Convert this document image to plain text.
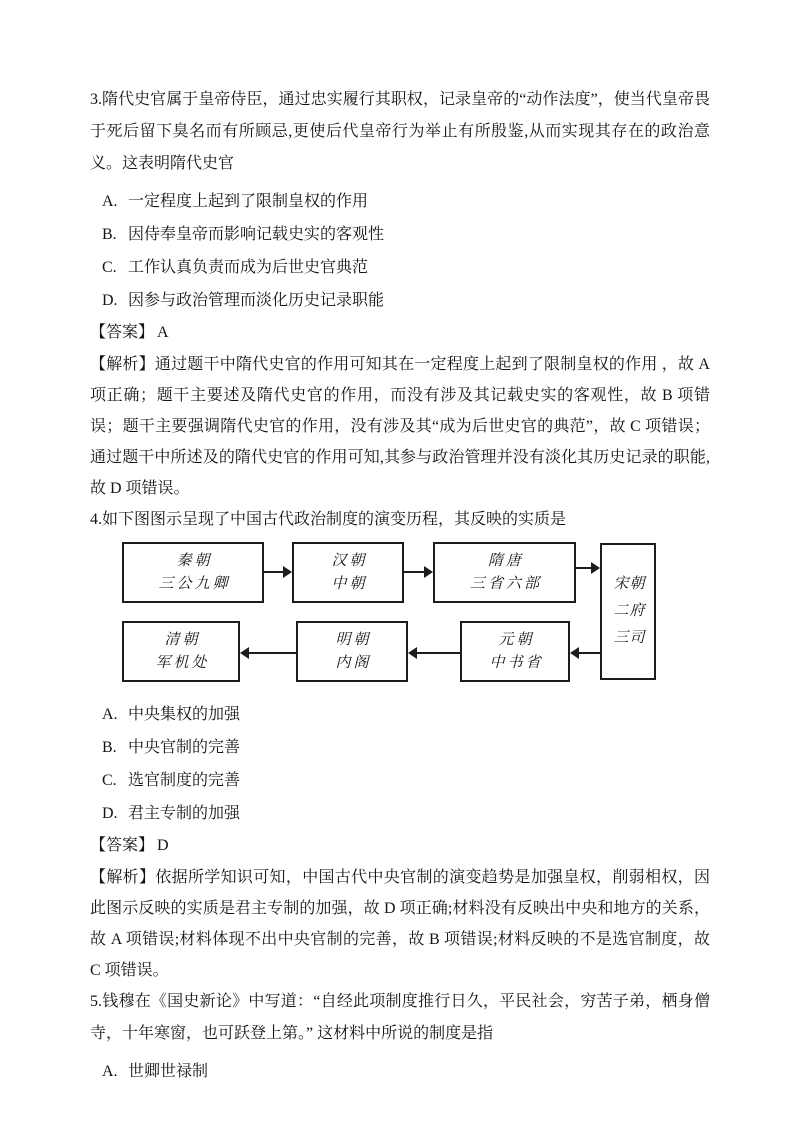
3.隋代史官属于皇帝侍臣，通过忠实履行其职权，记录皇帝的“动作法度”，使当代皇帝畏于死后留下臭名而有所顾忌,更使后代皇帝行为举止有所殷鉴,从而实现其存在的政治意义。这表明隋代史官

A. 一定程度上起到了限制皇权的作用
B. 因侍奉皇帝而影响记载史实的客观性
C. 工作认真负责而成为后世史官典范
D. 因参与政治管理而淡化历史记录职能

【答案】 A

【解析】通过题干中隋代史官的作用可知其在一定程度上起到了限制皇权的作用 ，故 A 项正确；题干主要述及隋代史官的作用，而没有涉及其记载史实的客观性，故 B 项错误；题干主要强调隋代史官的作用，没有涉及其“成为后世史官的典范”，故 C 项错误；通过题干中所述及的隋代史官的作用可知,其参与政治管理并没有淡化其历史记录的职能,故 D 项错误。

4.如下图图示呈现了中国古代政治制度的演变历程，其反映的实质是

秦朝
三公九卿
汉朝
中朝
隋唐
三省六部	宋朝
二府
三司
元朝
中书省
明朝
内阁
清朝
军机处
A. 中央集权的加强
B. 中央官制的完善
C. 选官制度的完善
D. 君主专制的加强

【答案】 D

【解析】依据所学知识可知，中国古代中央官制的演变趋势是加强皇权，削弱相权，因此图示反映的实质是君主专制的加强，故 D 项正确;材料没有反映出中央和地方的关系，故 A 项错误;材料体现不出中央官制的完善，故 B 项错误;材料反映的不是选官制度，故 C 项错误。

5.钱穆在《国史新论》中写道：“自经此项制度推行日久，平民社会，穷苦子弟，栖身僧寺，十年寒窗，也可跃登上第。” 这材料中所说的制度是指

A. 世卿世禄制
